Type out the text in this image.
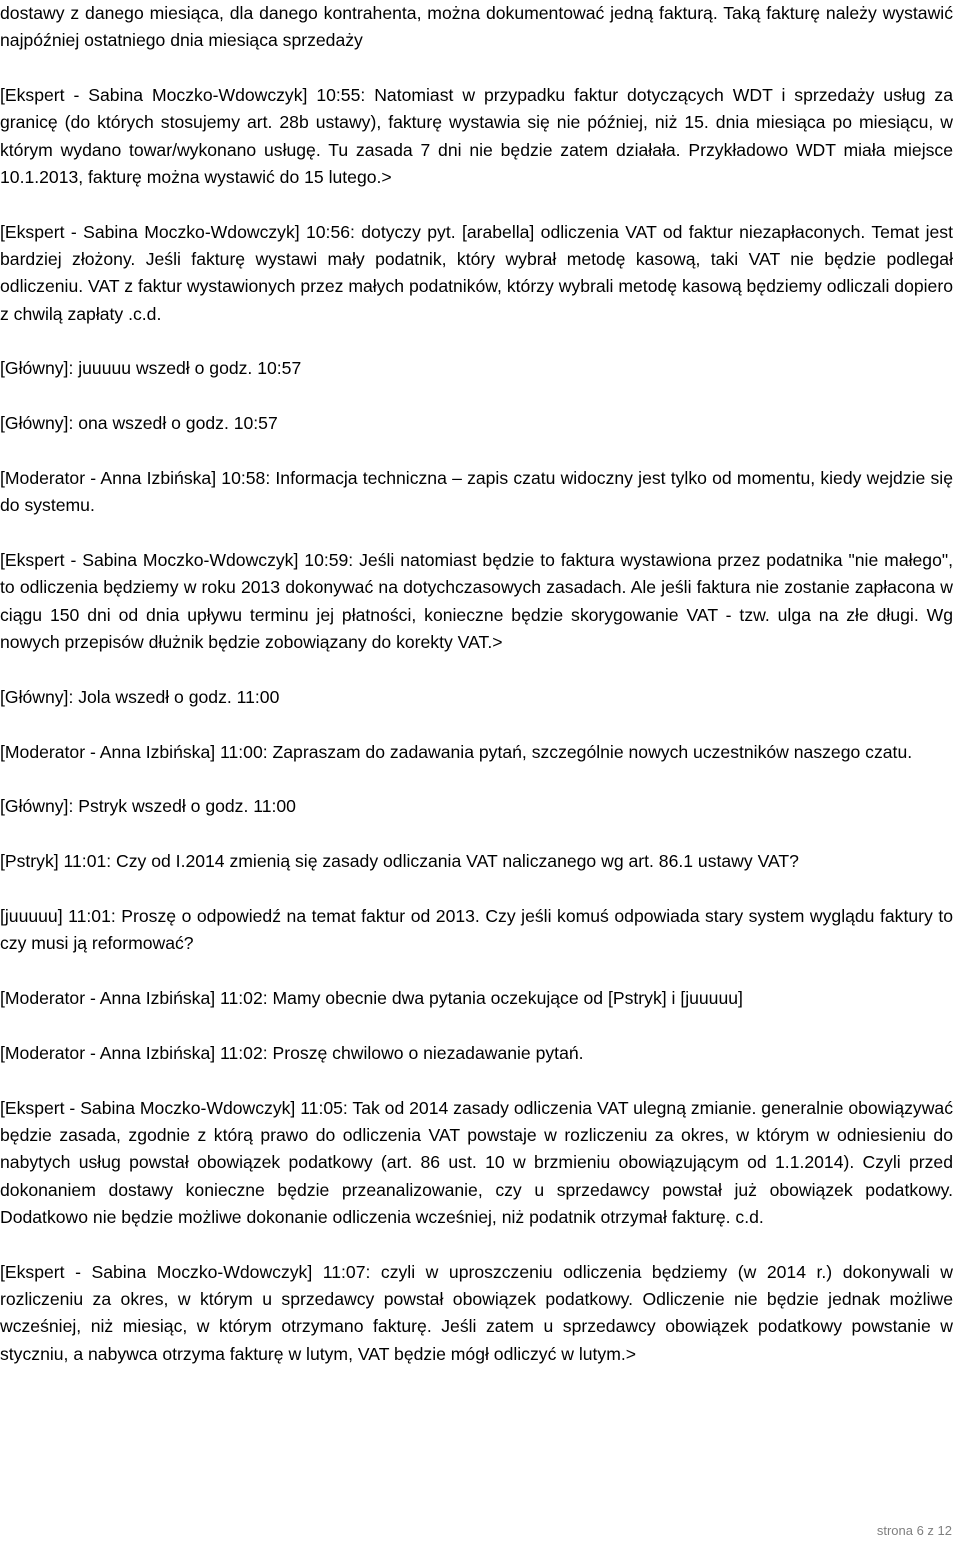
dostawy z danego miesiąca, dla danego kontrahenta, można dokumentować jedną fakturą. Taką fakturę należy wystawić najpóźniej ostatniego dnia miesiąca sprzedaży

[Ekspert - Sabina Moczko-Wdowczyk] 10:55: Natomiast w przypadku faktur dotyczących WDT i sprzedaży usług za granicę (do których stosujemy art. 28b ustawy), fakturę wystawia się nie później, niż 15. dnia miesiąca po miesiącu, w którym wydano towar/wykonano usługę. Tu zasada 7 dni nie będzie zatem działała. Przykładowo WDT miała miejsce 10.1.2013, fakturę można wystawić do 15 lutego.>

[Ekspert - Sabina Moczko-Wdowczyk] 10:56: dotyczy pyt. [arabella] odliczenia VAT od faktur niezapłaconych. Temat jest bardziej złożony. Jeśli fakturę wystawi mały podatnik, który wybrał metodę kasową, taki VAT nie będzie podlegał odliczeniu. VAT z faktur wystawionych przez małych podatników, którzy wybrali metodę kasową będziemy odliczali dopiero z chwilą zapłaty .c.d.

[Główny]: juuuuu wszedł o godz. 10:57

[Główny]: ona wszedł o godz. 10:57

[Moderator - Anna Izbińska] 10:58: Informacja techniczna – zapis czatu widoczny jest tylko od momentu, kiedy wejdzie się do systemu.

[Ekspert - Sabina Moczko-Wdowczyk] 10:59: Jeśli natomiast będzie to faktura wystawiona przez podatnika "nie małego", to odliczenia będziemy w roku 2013 dokonywać na dotychczasowych zasadach. Ale jeśli faktura nie zostanie zapłacona w ciągu 150 dni od dnia upływu terminu jej płatności, konieczne będzie skorygowanie VAT - tzw. ulga na złe długi. Wg nowych przepisów dłużnik będzie zobowiązany do korekty VAT.>

[Główny]: Jola wszedł o godz. 11:00

[Moderator - Anna Izbińska] 11:00: Zapraszam do zadawania pytań, szczególnie nowych uczestników naszego czatu.

[Główny]: Pstryk wszedł o godz. 11:00

[Pstryk] 11:01: Czy od I.2014 zmienią się zasady odliczania VAT naliczanego wg art. 86.1 ustawy VAT?

[juuuuu] 11:01: Proszę o odpowiedź na temat faktur od 2013. Czy jeśli komuś odpowiada stary system wyglądu faktury to czy musi ją reformować?

[Moderator - Anna Izbińska] 11:02: Mamy obecnie dwa pytania oczekujące od [Pstryk] i [juuuuu]

[Moderator - Anna Izbińska] 11:02: Proszę chwilowo o niezadawanie pytań.

[Ekspert - Sabina Moczko-Wdowczyk] 11:05: Tak od 2014 zasady odliczenia VAT ulegną zmianie. generalnie obowiązywać będzie zasada, zgodnie z którą prawo do odliczenia VAT powstaje w rozliczeniu za okres, w którym w odniesieniu do nabytych usług powstał obowiązek podatkowy (art. 86 ust. 10 w brzmieniu obowiązującym od 1.1.2014). Czyli przed dokonaniem dostawy konieczne będzie przeanalizowanie, czy u sprzedawcy powstał już obowiązek podatkowy. Dodatkowo nie będzie możliwe dokonanie odliczenia wcześniej, niż podatnik otrzymał fakturę. c.d.

[Ekspert - Sabina Moczko-Wdowczyk] 11:07: czyli w uproszczeniu odliczenia będziemy (w 2014 r.) dokonywali w rozliczeniu za okres, w którym u sprzedawcy powstał obowiązek podatkowy. Odliczenie nie będzie jednak możliwe wcześniej, niż miesiąc, w którym otrzymano fakturę. Jeśli zatem u sprzedawcy obowiązek podatkowy powstanie w styczniu, a nabywca otrzyma fakturę w lutym, VAT będzie mógł odliczyć w lutym.>

strona 6 z 12
